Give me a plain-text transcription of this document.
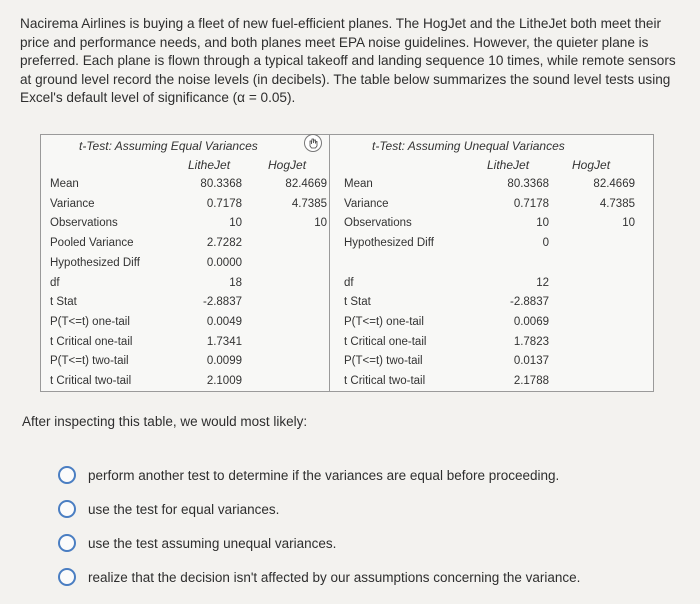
Nacirema Airlines is buying a fleet of new fuel-efficient planes. The HogJet and the LitheJet both meet their price and performance needs, and both planes meet EPA noise guidelines. However, the quieter plane is preferred. Each plane is flown through a typical takeoff and landing sequence 10 times, while remote sensors at ground level record the noise levels (in decibels). The table below summarizes the sound level tests using Excel's default level of significance (α = 0.05).
t-Test: Assuming Equal Variances
LitheJet	HogJet
t-Test: Assuming Unequal Variances
LitheJet	HogJet
Mean	80.3368	82.4669
Variance	0.7178	4.7385
Observations	10	10
Pooled Variance	2.7282
Hypothesized Diff	0.0000
df	18
t Stat	-2.8837
P(T<=t) one-tail	0.0049
t Critical one-tail	1.7341
P(T<=t) two-tail	0.0099
t Critical two-tail	2.1009
Mean	80.3368	82.4669
Variance	0.7178	4.7385
Observations	10	10
Hypothesized Diff	0
df	12
t Stat	-2.8837
P(T<=t) one-tail	0.0069
t Critical one-tail	1.7823
P(T<=t) two-tail	0.0137
t Critical two-tail	2.1788
After inspecting this table, we would most likely:
perform another test to determine if the variances are equal before proceeding.
use the test for equal variances.
use the test assuming unequal variances.
realize that the decision isn't affected by our assumptions concerning the variance.
